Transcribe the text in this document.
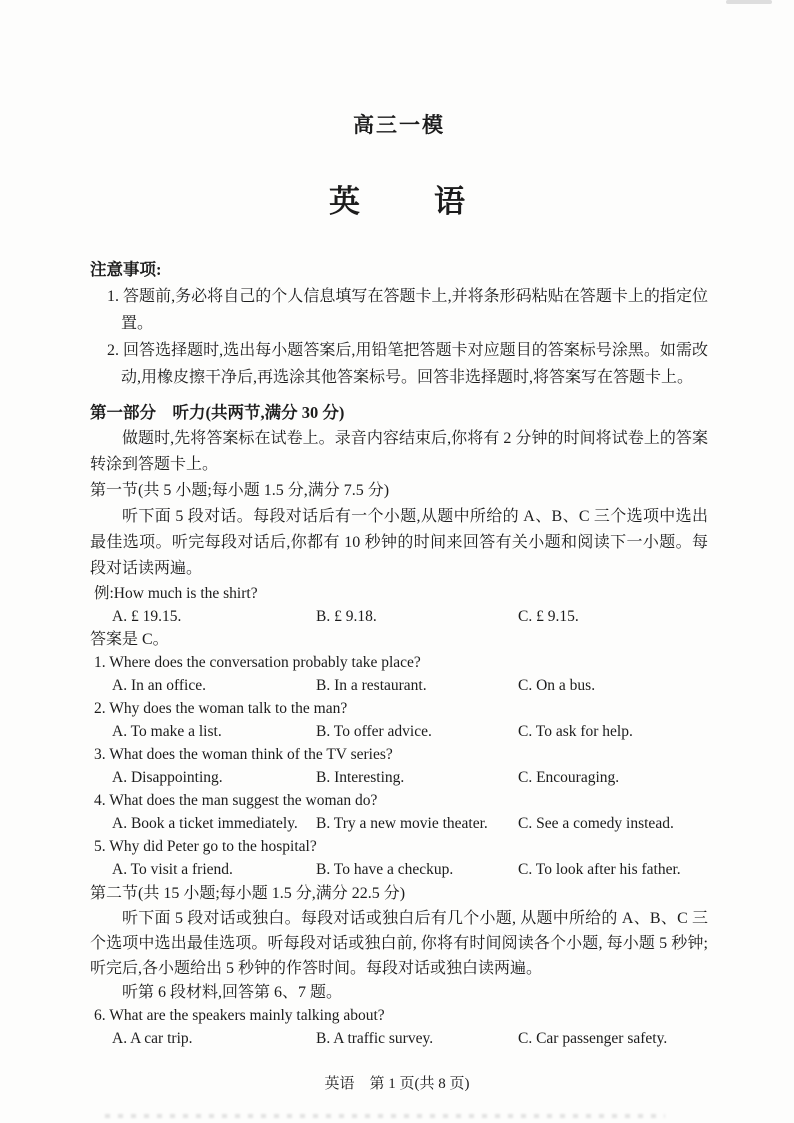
高三一模
英　　语
注意事项:
1. 答题前,务必将自己的个人信息填写在答题卡上,并将条形码粘贴在答题卡上的指定位置。
2. 回答选择题时,选出每小题答案后,用铅笔把答题卡对应题目的答案标号涂黑。如需改动,用橡皮擦干净后,再选涂其他答案标号。回答非选择题时,将答案写在答题卡上。
第一部分　听力(共两节,满分 30 分)
做题时,先将答案标在试卷上。录音内容结束后,你将有 2 分钟的时间将试卷上的答案转涂到答题卡上。
第一节(共 5 小题;每小题 1.5 分,满分 7.5 分)
听下面 5 段对话。每段对话后有一个小题,从题中所给的 A、B、C 三个选项中选出最佳选项。听完每段对话后,你都有 10 秒钟的时间来回答有关小题和阅读下一小题。每段对话读两遍。
例:How much is the shirt?
A. £ 19.15.	B. £ 9.18.	C. £ 9.15.
答案是 C。
1. Where does the conversation probably take place?
A. In an office.	B. In a restaurant.	C. On a bus.
2. Why does the woman talk to the man?
A. To make a list.	B. To offer advice.	C. To ask for help.
3. What does the woman think of the TV series?
A. Disappointing.	B. Interesting.	C. Encouraging.
4. What does the man suggest the woman do?
A. Book a ticket immediately.	B. Try a new movie theater.	C. See a comedy instead.
5. Why did Peter go to the hospital?
A. To visit a friend.	B. To have a checkup.	C. To look after his father.
第二节(共 15 小题;每小题 1.5 分,满分 22.5 分)
听下面 5 段对话或独白。每段对话或独白后有几个小题, 从题中所给的 A、B、C 三个选项中选出最佳选项。听每段对话或独白前, 你将有时间阅读各个小题, 每小题 5 秒钟;听完后,各小题给出 5 秒钟的作答时间。每段对话或独白读两遍。
听第 6 段材料,回答第 6、7 题。
6. What are the speakers mainly talking about?
A. A car trip.	B. A traffic survey.	C. Car passenger safety.
英语　第 1 页(共 8 页)
